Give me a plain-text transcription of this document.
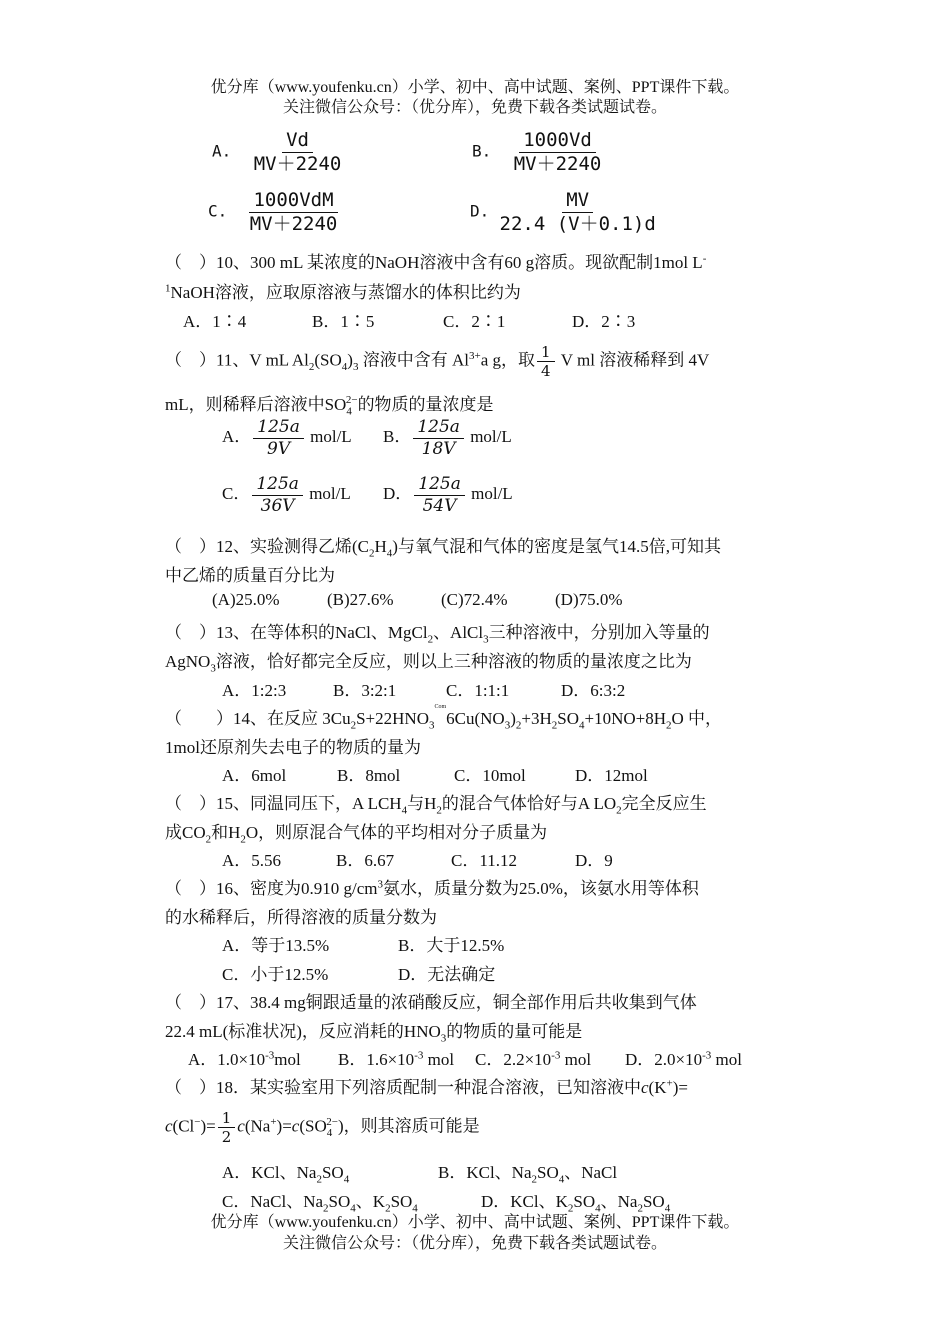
优分库（www.youfenku.cn）小学、初中、高中试题、案例、PPT课件下载。
关注微信公众号：（优分库），免费下载各类试题试卷。
A. $\frac{Vd}{MV+2240}$	B. $\frac{1000Vd}{MV+2240}$
C. $\frac{\text{1000VdM}}{MV+2240}$	D. $\frac{MV}{22.4 (V+0.1)d}$
（　）10、300 mL 某浓度的NaOH溶液中含有60 g溶质。现欲配制1mol L-
$^1$NaOH溶液，应取原溶液与蒸馏水的体积比约为
A．1∶4	B．1∶5	C．2∶1	D．2∶3
（　）11、V mL $Al_2(SO_4)_3$ 溶液中含有 $Al^{3+}a$ g，取 $\frac{1}{4}$ V ml 溶液稀释到 4V
mL，则稀释后溶液中$SO_4^{2-}$的物质的量浓度是
A． $\frac{125a}{9V} mol/L$ B． $\frac{125a}{18V} mol/L$
C． $\frac{125a}{36V} mol/L$ D． $\frac{125a}{54V} mol/L$
（　）12、实验测得乙烯$(C_2H_4)$与氧气混和气体的密度是氢气14.5倍,可知其
中乙烯的质量百分比为
(A)25.0%	(B)27.6%	(C)72.4%	(D)75.0%
（　）13、在等体积的NaCl、MgCl$_2$、AlCl$_3$三种溶液中，分别加入等量的
AgNO$_3$溶液，恰好都完全反应，则以上三种溶液的物质的量浓度之比为
A．1:2:3	B．3:2:1	C．1:1:1	D．6:3:2
（　　）14、在反应 $3Cu_2S+22HNO_3^{Com}6Cu(NO_3)_2+3H_2SO_4+10NO+8H_2O$ 中，
1mol还原剂失去电子的物质的量为
A．6mol	B．8mol	C．10mol	D．12mol
（　）15、同温同压下，A $LCH_4$与$H_2$的混合气体恰好与A $LO_2$完全反应生
成$CO_2$和$H_2O$，则原混合气体的平均相对分子质量为
A．5.56	B．6.67	C．11.12	D．9
（　）16、密度为0.910 $g/cm^3$氨水，质量分数为25.0%，该氨水用等体积
的水稀释后，所得溶液的质量分数为
A．等于13.5%	B．大于12.5%
C．小于12.5%	D．无法确定
（　）17、38.4 mg铜跟适量的浓硝酸反应，铜全部作用后共收集到气体
22.4 mL(标准状况)，反应消耗的$HNO_3$的物质的量可能是
A．$1.0\times 10^{-3}mol$ B．$1.6\times 10^{-3}$ mol C．$2.2\times 10^{-3}$ mol D．$2.0\times 10^{-3}$ mol
（　）18．某实验室用下列溶质配制一种混合溶液，已知溶液中c(K+)=
$c(Cl^-)= \frac{1}{2} c(Na^+)=c(SO_4^{2-})$，则其溶质可能是
A．KCl、$Na_2SO_4$	B．KCl、$Na_2SO_4$、NaCl
C．NaCl、$Na_2SO_4$、$K_2SO_4$	D．KCl、$K_2SO_4$、$Na_2SO_4$
优分库（www.youfenku.cn）小学、初中、高中试题、案例、PPT课件下载。
关注微信公众号：（优分库），免费下载各类试题试卷。
